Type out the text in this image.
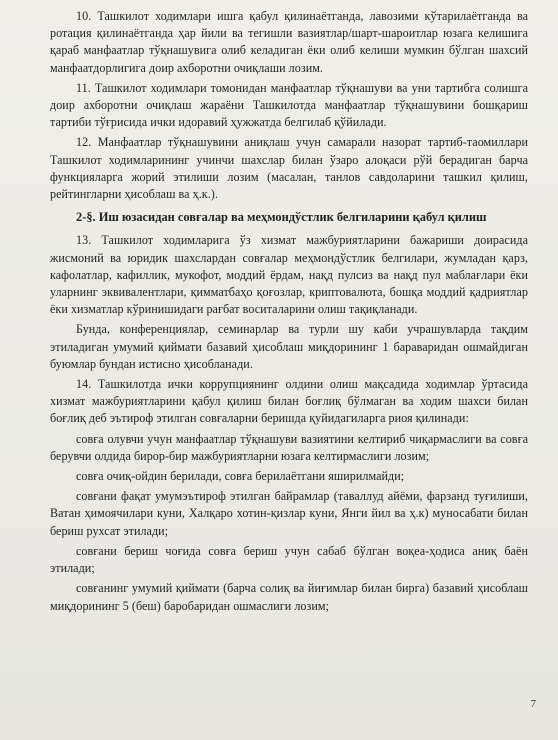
10. Ташкилот ходимлари ишга қабул қилинаётганда, лавозими кўтарилаётганда ва ротация қилинаётганда ҳар йили ва тегишли вазиятлар/шарт-шароитлар юзага келишига қараб манфаатлар тўқнашувига олиб келадиган ёки олиб келиши мумкин бўлган шахсий манфаатдорлигига доир ахборотни очиқлаши лозим.

11. Ташкилот ходимлари томонидан манфаатлар тўқнашуви ва уни тартибга солишга доир ахборотни очиқлаш жараёни Ташкилотда манфаатлар тўқнашувини бошқариш тартиби тўғрисида ички идоравий ҳужжатда белгилаб қўйилади.

12. Манфаатлар тўқнашувини аниқлаш учун самарали назорат тартиб-таомиллари Ташкилот ходимларининг учинчи шахслар билан ўзаро алоқаси рўй берадиган барча функцияларга жорий этилиши лозим (масалан, танлов савдоларини ташкил қилиш, рейтингларни ҳисоблаш ва ҳ.к.).

2-§. Иш юзасидан совғалар ва меҳмондўстлик белгиларини қабул қилиш

13. Ташкилот ходимларига ўз хизмат мажбуриятларини бажариши доирасида жисмоний ва юридик шахслардан совғалар меҳмондўстлик белгилари, жумладан қарз, кафолатлар, кафиллик, мукофот, моддий ёрдам, нақд пулсиз ва нақд пул маблағлари ёки уларнинг эквивалентлари, қимматбаҳо қоғозлар, криптовалюта, бошқа моддий қадриятлар ёки хизматлар кўринишидаги рағбат воситаларини олиш тақиқланади.

Бунда, конференциялар, семинарлар ва турли шу каби учрашувларда тақдим этиладиган умумий қиймати базавий ҳисоблаш миқдорининг 1 бараваридан ошмайдиган буюмлар бундан истисно ҳисобланади.

14. Ташкилотда ички коррупциянинг олдини олиш мақсадида ходимлар ўртасида хизмат мажбуриятларини қабул қилиш билан боғлиқ бўлмаган ва ходим шахси билан боғлиқ деб эътироф этилган совғаларни беришда қуйидагиларга риоя қилинади:

совға олувчи учун манфаатлар тўқнашуви вазиятини келтириб чиқармаслиги ва совға берувчи олдида бирор-бир мажбуриятларни юзага келтирмаслиги лозим;

совға очиқ-ойдин берилади, совға берилаётгани яширилмайди;

совғани фақат умумэътироф этилган байрамлар (таваллуд айёми, фарзанд туғилиши, Ватан ҳимоячилари куни, Халқаро хотин-қизлар куни, Янги йил ва ҳ.к) муносабати билан бериш рухсат этилади;

совғани бериш чоғида совға бериш учун сабаб бўлган воқеа-ҳодиса аниқ баён этилади;

совғанинг умумий қиймати (барча солиқ ва йиғимлар билан бирга) базавий ҳисоблаш миқдорининг 5 (беш) баробаридан ошмаслиги лозим;

7
